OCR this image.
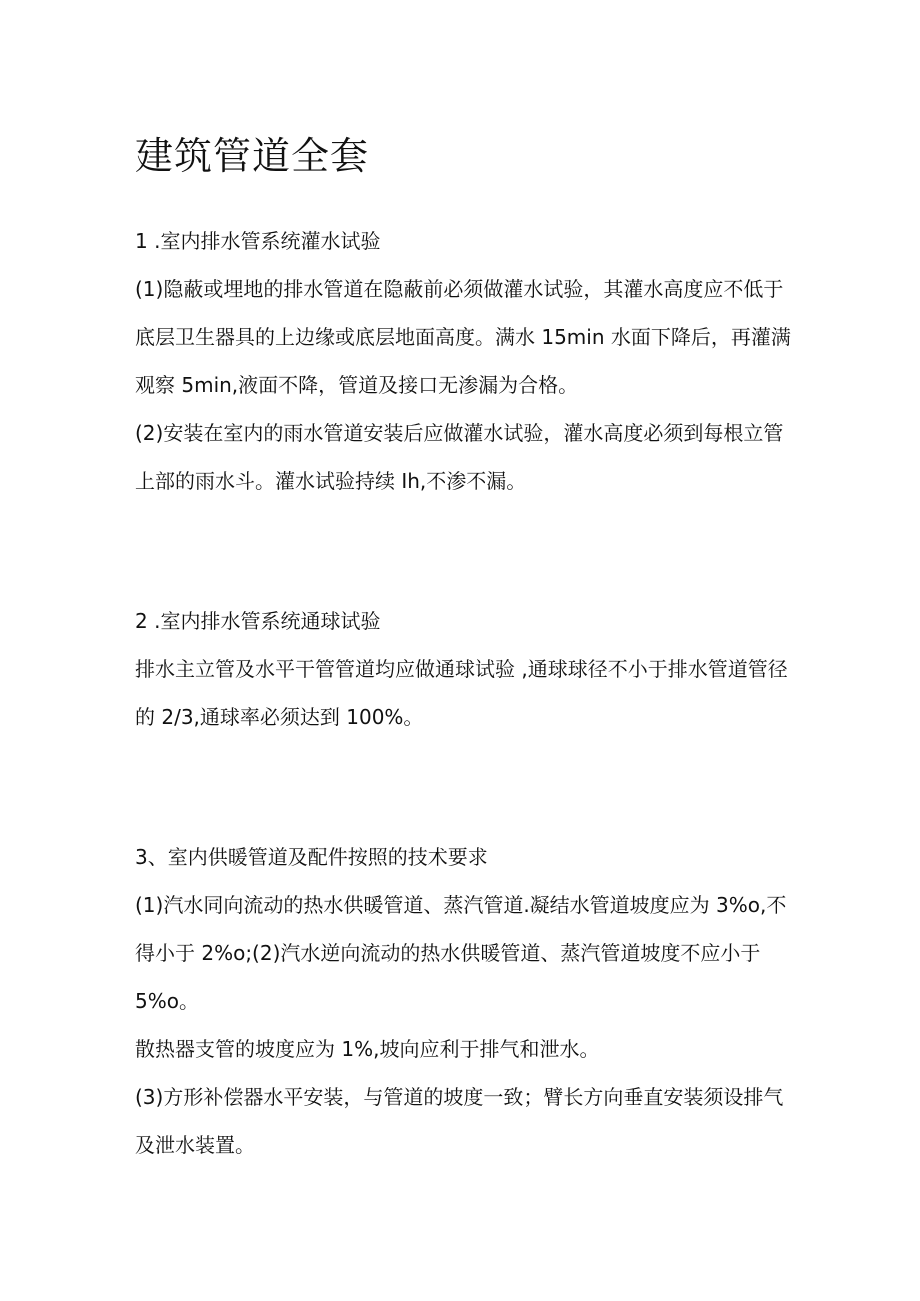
建筑管道全套

1 .室内排水管系统灌水试验

(1)隐蔽或埋地的排水管道在隐蔽前必须做灌水试验，其灌水高度应不低于

底层卫生器具的上边缘或底层地面高度。满水 15min 水面下降后，再灌满

观察 5min,液面不降，管道及接口无渗漏为合格。

(2)安装在室内的雨水管道安装后应做灌水试验，灌水高度必须到每根立管

上部的雨水斗。灌水试验持续 Ih,不渗不漏。

2 .室内排水管系统通球试验

排水主立管及水平干管管道均应做通球试验 ,通球球径不小于排水管道管径

的 2/3,通球率必须达到 100%。

3、室内供暖管道及配件按照的技术要求

(1)汽水同向流动的热水供暖管道、蒸汽管道.凝结水管道坡度应为 3%o,不

得小于 2%o;(2)汽水逆向流动的热水供暖管道、蒸汽管道坡度不应小于

5%o。

散热器支管的坡度应为 1%,坡向应利于排气和泄水。

(3)方形补偿器水平安装，与管道的坡度一致；臂长方向垂直安装须设排气

及泄水装置。
